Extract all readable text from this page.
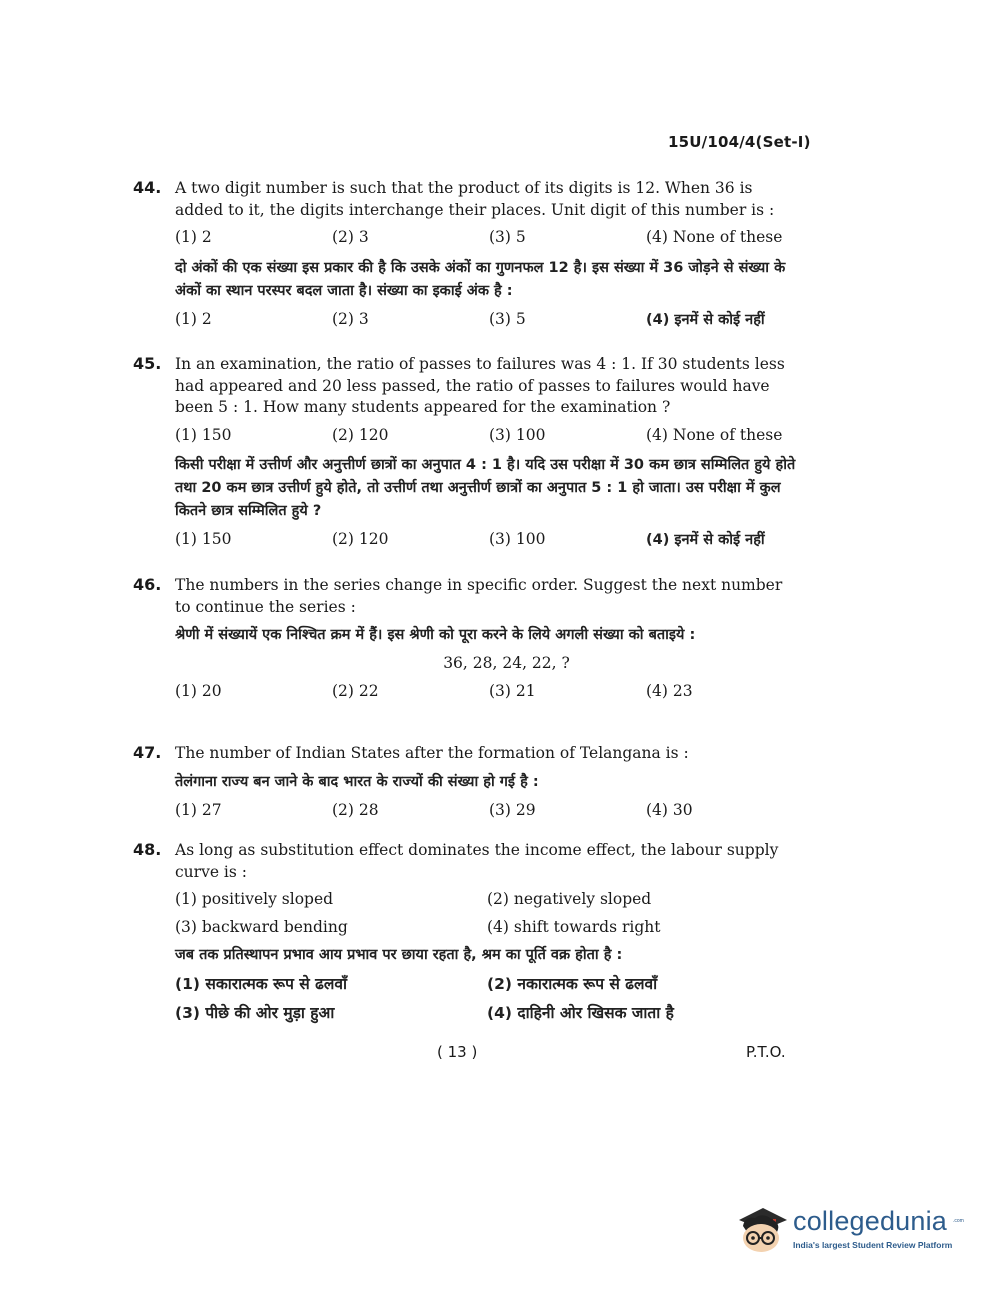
15U/104/4(Set-I)
44. A two digit number is such that the product of its digits is 12. When 36 is added to it, the digits interchange their places. Unit digit of this number is :
(1) 2	(2) 3	(3) 5	(4) None of these
दो अंकों की एक संख्या इस प्रकार की है कि उसके अंकों का गुणनफल 12 है। इस संख्या में 36 जोड़ने से संख्या के अंकों का स्थान परस्पर बदल जाता है। संख्या का इकाई अंक है :
(1) 2	(2) 3	(3) 5	(4) इनमें से कोई नहीं
45. In an examination, the ratio of passes to failures was 4 : 1. If 30 students less had appeared and 20 less passed, the ratio of passes to failures would have been 5 : 1. How many students appeared for the examination ?
(1) 150	(2) 120	(3) 100	(4) None of these
किसी परीक्षा में उत्तीर्ण और अनुत्तीर्ण छात्रों का अनुपात 4 : 1 है। यदि उस परीक्षा में 30 कम छात्र सम्मिलित हुये होते तथा 20 कम छात्र उत्तीर्ण हुये होते, तो उत्तीर्ण तथा अनुत्तीर्ण छात्रों का अनुपात 5 : 1 हो जाता। उस परीक्षा में कुल कितने छात्र सम्मिलित हुये ?
(1) 150	(2) 120	(3) 100	(4) इनमें से कोई नहीं
46. The numbers in the series change in specific order. Suggest the next number to continue the series :
श्रेणी में संख्यायें एक निश्चित क्रम में हैं। इस श्रेणी को पूरा करने के लिये अगली संख्या को बताइये :
36, 28, 24, 22, ?
(1) 20	(2) 22	(3) 21	(4) 23
47. The number of Indian States after the formation of Telangana is :
तेलंगाना राज्य बन जाने के बाद भारत के राज्यों की संख्या हो गई है :
(1) 27	(2) 28	(3) 29	(4) 30
48. As long as substitution effect dominates the income effect, the labour supply curve is :
(1) positively sloped	(2) negatively sloped
(3) backward bending	(4) shift towards right
जब तक प्रतिस्थापन प्रभाव आय प्रभाव पर छाया रहता है, श्रम का पूर्ति वक्र होता है :
(1) सकारात्मक रूप से ढलवाँ	(2) नकारात्मक रूप से ढलवाँ
(3) पीछे की ओर मुड़ा हुआ	(4) दाहिनी ओर खिसक जाता है
( 13 )	P.T.O.
collegedunia .com
India's largest Student Review Platform
